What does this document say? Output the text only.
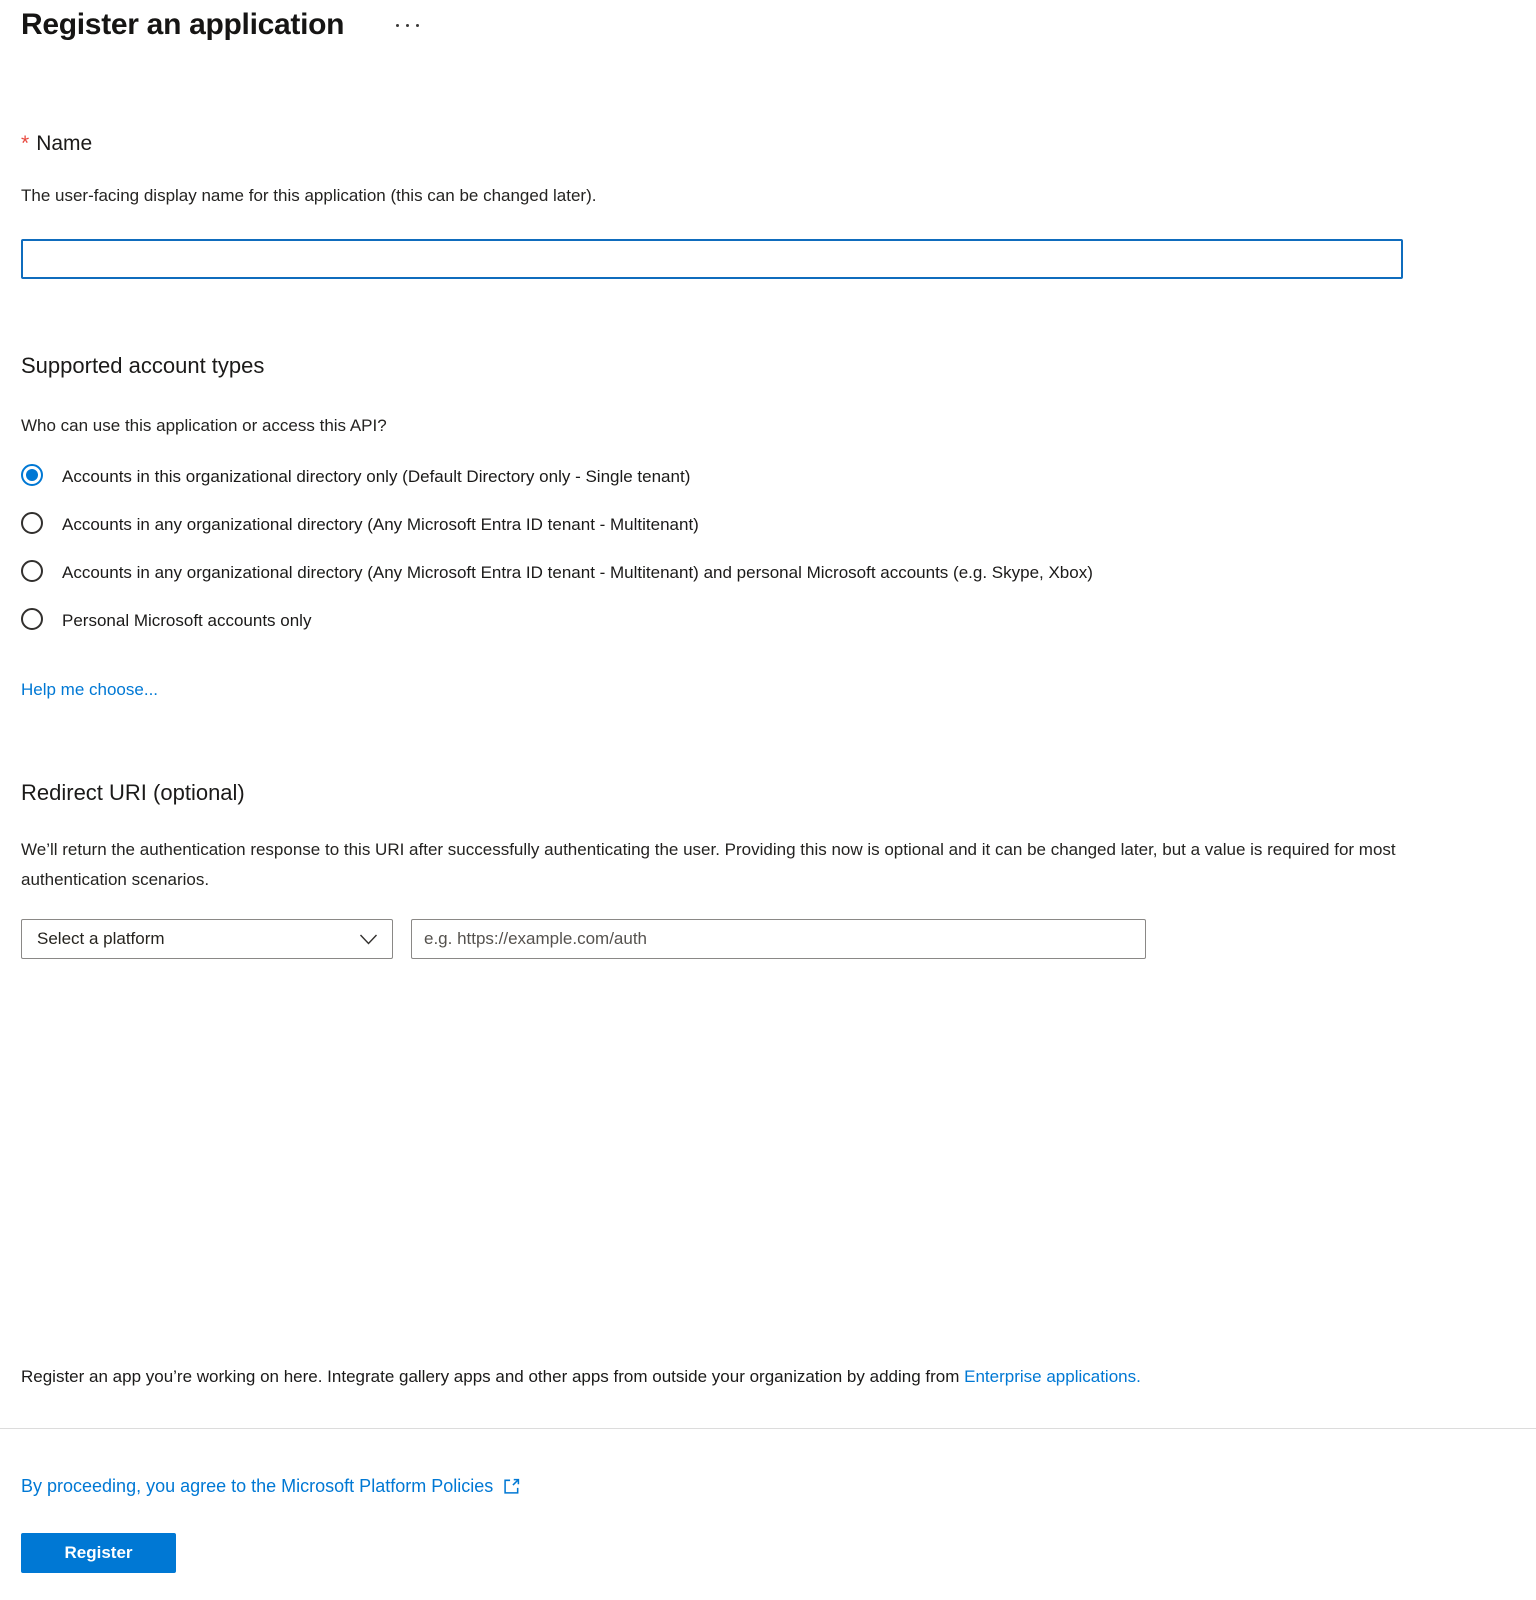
Register an application
* Name

The user-facing display name for this application (this can be changed later).

Supported account types

Who can use this application or access this API?

Accounts in this organizational directory only (Default Directory only - Single tenant)
Accounts in any organizational directory (Any Microsoft Entra ID tenant - Multitenant)
Accounts in any organizational directory (Any Microsoft Entra ID tenant - Multitenant) and personal Microsoft accounts (e.g. Skype, Xbox)
Personal Microsoft accounts only
Help me choose...
Redirect URI (optional)

We’ll return the authentication response to this URI after successfully authenticating the user. Providing this now is optional and it can be changed later, but a value is required for most authentication scenarios.

Select a platform
e.g. https://example.com/auth

Register an app you’re working on here. Integrate gallery apps and other apps from outside your organization by adding from Enterprise applications.

By proceeding, you agree to the Microsoft Platform Policies
Register
